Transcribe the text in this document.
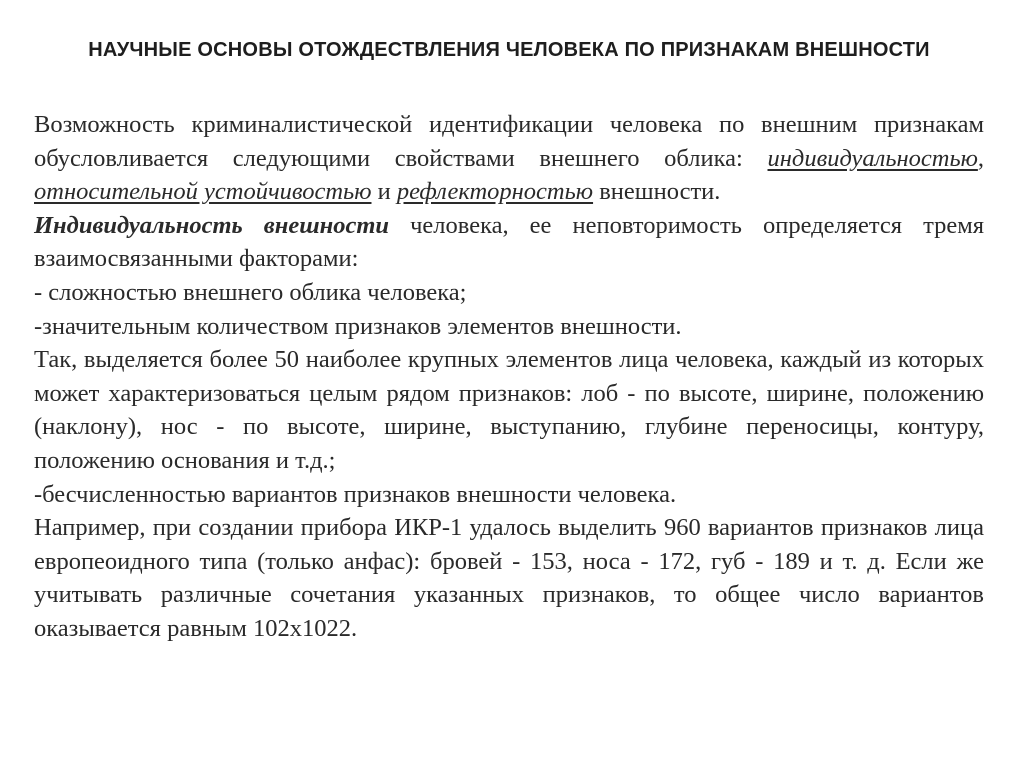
НАУЧНЫЕ ОСНОВЫ ОТОЖДЕСТВЛЕНИЯ ЧЕЛОВЕКА ПО ПРИЗНАКАМ ВНЕШНОСТИ

Возможность криминалистической идентификации человека по внешним признакам обусловливается следующими свойствами внешнего облика: индивидуальностью, относительной устойчивостью и рефлекторностью внешности.

Индивидуальность внешности человека, ее неповторимость определяется тремя взаимосвязанными факторами:

- сложностью внешнего облика человека;

-значительным количеством признаков элементов внешности.

Так, выделяется более 50 наиболее крупных элементов лица человека, каждый из которых может характеризоваться целым рядом признаков: лоб - по высоте, ширине, положению (наклону), нос - по высоте, ширине, выступанию, глубине переносицы, контуру, положению основания и т.д.;

-бесчисленностью вариантов признаков внешности человека.

Например, при создании прибора ИКР-1 удалось выделить 960 вариантов признаков лица европеоидного типа (только анфас): бровей - 153, носа - 172, губ - 189 и т. д. Если же учитывать различные сочетания указанных признаков, то общее число вариантов оказывается равным 102х1022.
